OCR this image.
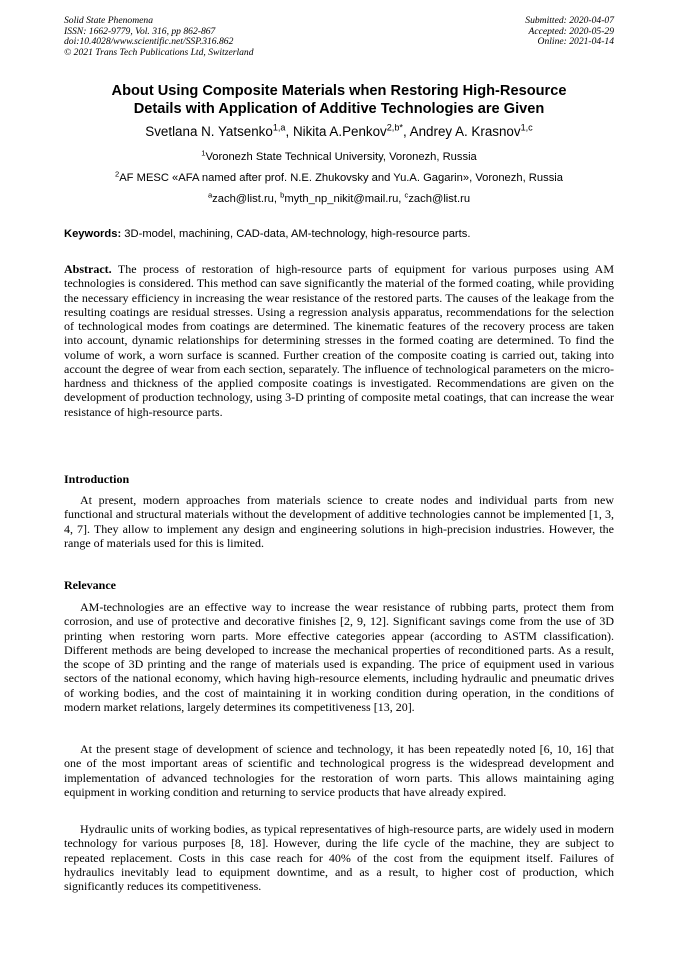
Solid State Phenomena
ISSN: 1662-9779, Vol. 316, pp 862-867
doi:10.4028/www.scientific.net/SSP.316.862
© 2021 Trans Tech Publications Ltd, Switzerland
Submitted: 2020-04-07
Accepted: 2020-05-29
Online: 2021-04-14
About Using Composite Materials when Restoring High-Resource
Details with Application of Additive Technologies are Given
Svetlana N. Yatsenko$^{1,a}$, Nikita A.Penkov$^{2,b*}$, Andrey A. Krasnov$^{1,c}$
$^1$Voronezh State Technical University, Voronezh, Russia
$^2$AF MESC «AFA named after prof. N.E. Zhukovsky and Yu.A. Gagarin», Voronezh, Russia
$^a$zach@list.ru, $^b$myth_np_nikit@mail.ru, $^c$zach@list.ru
Keywords: 3D-model, machining, CAD-data, AM-technology, high-resource parts.

Abstract. The process of restoration of high-resource parts of equipment for various purposes using AM technologies is considered. This method can save significantly the material of the formed coating, while providing the necessary efficiency in increasing the wear resistance of the restored parts. The causes of the leakage from the resulting coatings are residual stresses. Using a regression analysis apparatus, recommendations for the selection of technological modes from coatings are determined. The kinematic features of the recovery process are taken into account, dynamic relationships for determining stresses in the formed coating are determined. To find the volume of work, a worn surface is scanned. Further creation of the composite coating is carried out, taking into account the degree of wear from each section, separately. The influence of technological parameters on the micro-hardness and thickness of the applied composite coatings is investigated. Recommendations are given on the development of production technology, using 3-D printing of composite metal coatings, that can increase the wear resistance of high-resource parts.

Introduction

At present, modern approaches from materials science to create nodes and individual parts from new functional and structural materials without the development of additive technologies cannot be implemented [1, 3, 4, 7]. They allow to implement any design and engineering solutions in high-precision industries. However, the range of materials used for this is limited.

Relevance

AM-technologies are an effective way to increase the wear resistance of rubbing parts, protect them from corrosion, and use of protective and decorative finishes [2, 9, 12]. Significant savings come from the use of 3D printing when restoring worn parts. More effective categories appear (according to ASTM classification). Different methods are being developed to increase the mechanical properties of reconditioned parts. As a result, the scope of 3D printing and the range of materials used is expanding. The price of equipment used in various sectors of the national economy, which having high-resource elements, including hydraulic and pneumatic drives of working bodies, and the cost of maintaining it in working condition during operation, in the conditions of modern market relations, largely determines its competitiveness [13, 20].

At the present stage of development of science and technology, it has been repeatedly noted [6, 10, 16] that one of the most important areas of scientific and technological progress is the widespread development and implementation of advanced technologies for the restoration of worn parts. This allows maintaining aging equipment in working condition and returning to service products that have already expired.

Hydraulic units of working bodies, as typical representatives of high-resource parts, are widely used in modern technology for various purposes [8, 18]. However, during the life cycle of the machine, they are subject to repeated replacement. Costs in this case reach for 40% of the cost from the equipment itself. Failures of hydraulics inevitably lead to equipment downtime, and as a result, to higher cost of production, which significantly reduces its competitiveness.
